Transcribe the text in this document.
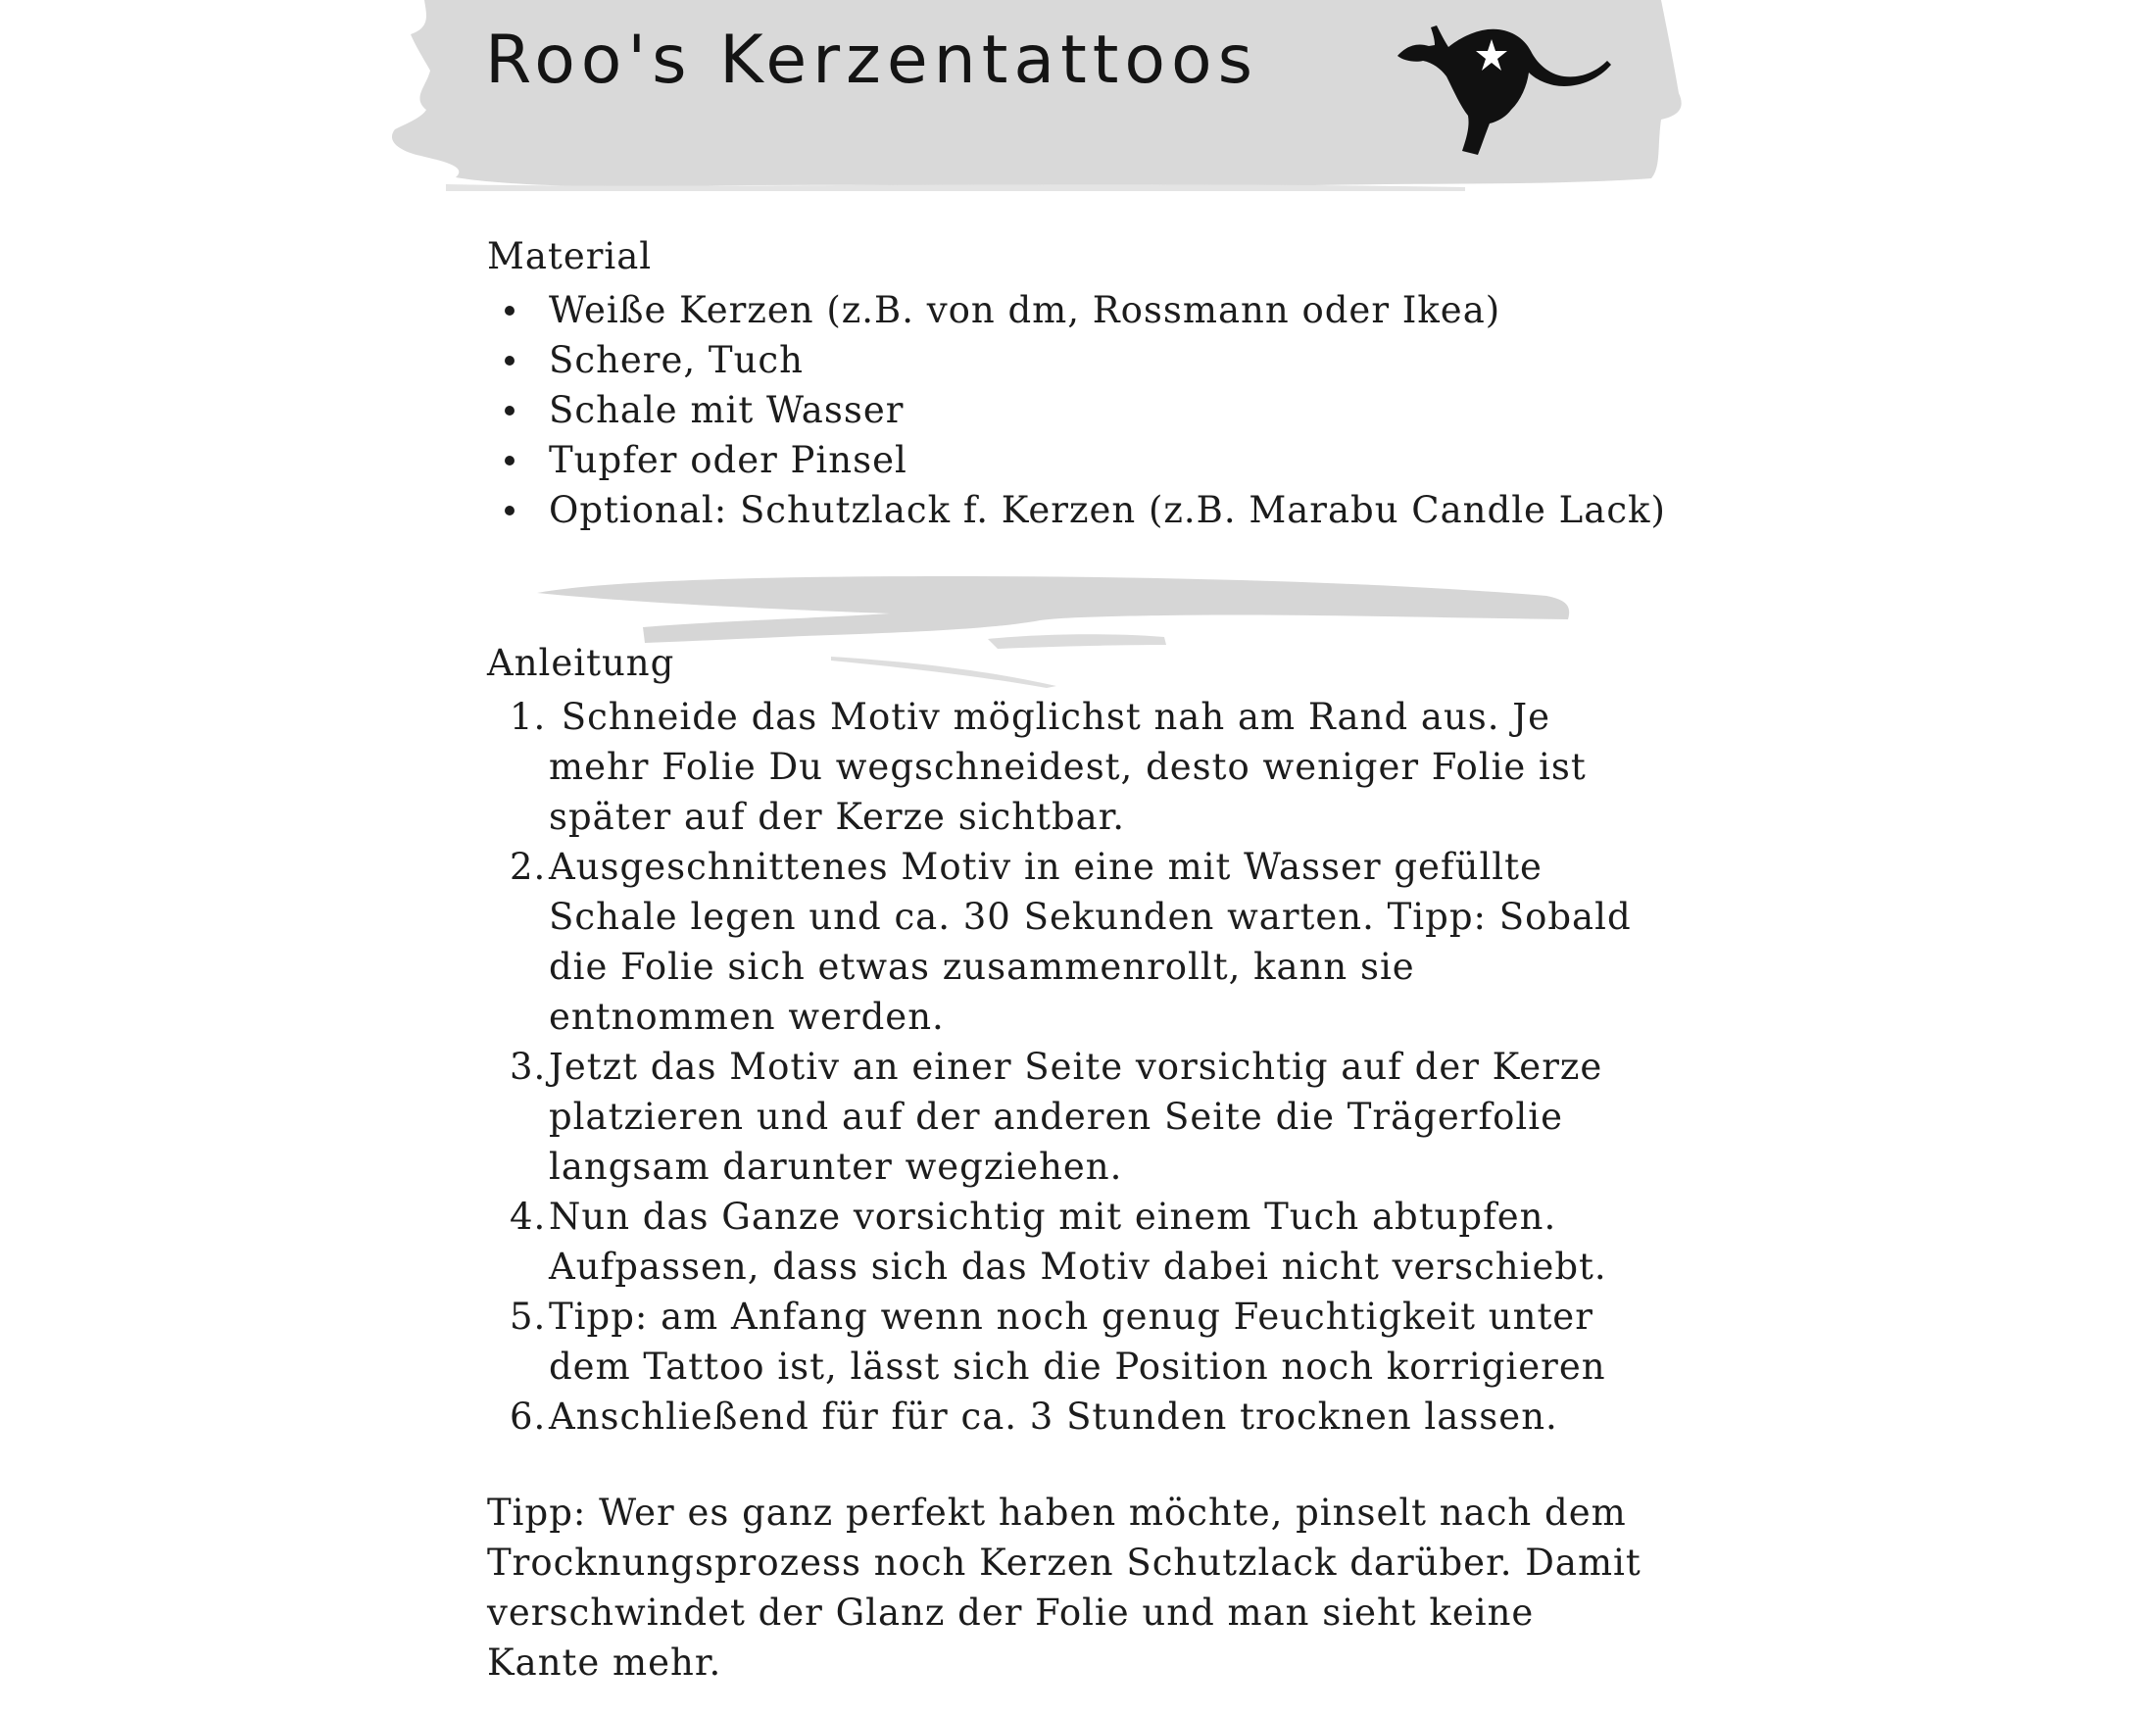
Roo's Kerzentattoos
Material
Weiße Kerzen (z.B. von dm, Rossmann oder Ikea)
Schere, Tuch
Schale mit Wasser
Tupfer oder Pinsel
Optional: Schutzlack f. Kerzen (z.B. Marabu Candle Lack)
Anleitung
1. Schneide das Motiv möglichst nah am Rand aus. Je mehr Folie Du wegschneidest, desto weniger Folie ist später auf der Kerze sichtbar.
2. Ausgeschnittenes Motiv in eine mit Wasser gefüllte Schale legen und ca. 30 Sekunden warten. Tipp: Sobald die Folie sich etwas zusammenrollt, kann sie entnommen werden.
3. Jetzt das Motiv an einer Seite vorsichtig auf der Kerze platzieren und auf der anderen Seite die Trägerfolie langsam darunter wegziehen.
4. Nun das Ganze vorsichtig mit einem Tuch abtupfen. Aufpassen, dass sich das Motiv dabei nicht verschiebt.
5. Tipp: am Anfang wenn noch genug Feuchtigkeit unter dem Tattoo ist, lässt sich die Position noch korrigieren
6. Anschließend für für ca. 3 Stunden trocknen lassen.

Tipp: Wer es ganz perfekt haben möchte, pinselt nach dem Trocknungsprozess noch Kerzen Schutzlack darüber. Damit verschwindet der Glanz der Folie und man sieht keine Kante mehr.
